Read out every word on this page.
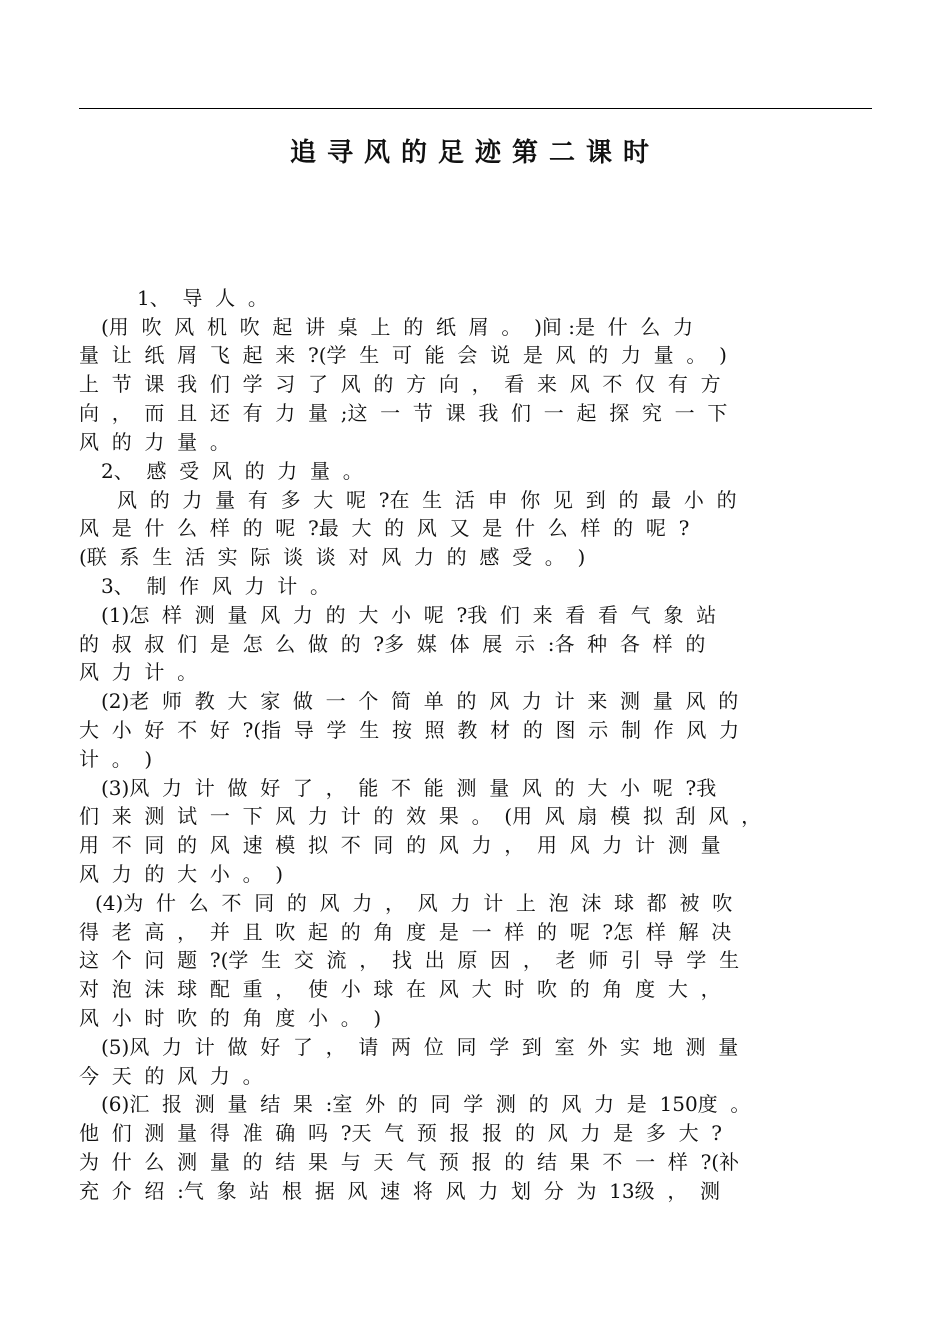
追寻风的足迹第二课时
1、  导  人  。
(用  吹  风  机  吹  起  讲  桌  上  的  纸  屑  。  )间 :是  什  么  力
量  让  纸  屑  飞  起  来  ?(学  生  可  能  会  说  是  风  的  力  量  。  )
上  节  课  我  们  学  习  了  风  的  方  向  ，  看  来  风  不  仅  有  方
向  ，  而  且  还  有  力  量  ;这  一  节  课  我  们  一  起  探  究  一  下
风  的  力  量  。
2、  感  受  风  的  力  量  。
风  的  力  量  有  多  大  呢  ?在  生  活  申  你  见  到  的  最  小  的
风  是  什  么  样  的  呢  ?最  大  的  风  又  是  什  么  样  的  呢  ?
(联  系  生  活  实  际  谈  谈  对  风  力  的  感  受  。  )
3、  制  作  风  力  计  。
(1)怎  样  测  量  风  力  的  大  小  呢  ?我  们  来  看  看  气  象  站
的  叔  叔  们  是  怎  么  做  的  ?多  媒  体  展  示  :各  种  各  样  的
风  力  计  。
(2)老  师  教  大  家  做  一  个  简  单  的  风  力  计  来  测  量  风  的
大  小  好  不  好  ?(指  导  学  生  按  照  教  材  的  图  示  制  作  风  力
计  。  )
(3)风  力  计  做  好  了  ，  能  不  能  测  量  风  的  大  小  呢  ?我
们  来  测  试  一  下  风  力  计  的  效  果  。  (用  风  扇  模  拟  刮  风  ，
用  不  同  的  风  速  模  拟  不  同  的  风  力  ，  用  风  力  计  测  量
风  力  的  大  小  。  )
(4)为  什  么  不  同  的  风  力  ，  风  力  计  上  泡  沫  球  都  被  吹
得  老  高  ，  并  且  吹  起  的  角  度  是  一  样  的  呢  ?怎  样  解  决
这  个  问  题  ?(学  生  交  流  ，  找  出  原  因  ，  老  师  引  导  学  生
对  泡  沫  球  配  重  ，  使  小  球  在  风  大  时  吹  的  角  度  大  ，
风  小  时  吹  的  角  度  小  。  )
(5)风  力  计  做  好  了  ，  请  两  位  同  学  到  室  外  实  地  测  量
今  天  的  风  力  。
(6)汇  报  测  量  结  果  :室  外  的  同  学  测  的  风  力  是  150度  。
他  们  测  量  得  准  确  吗  ?天  气  预  报  报  的  风  力  是  多  大  ?
为  什  么  测  量  的  结  果  与  天  气  预  报  的  结  果  不  一  样  ?(补
充  介  绍  :气  象  站  根  据  风  速  将  风  力  划  分  为  13级  ，  测
